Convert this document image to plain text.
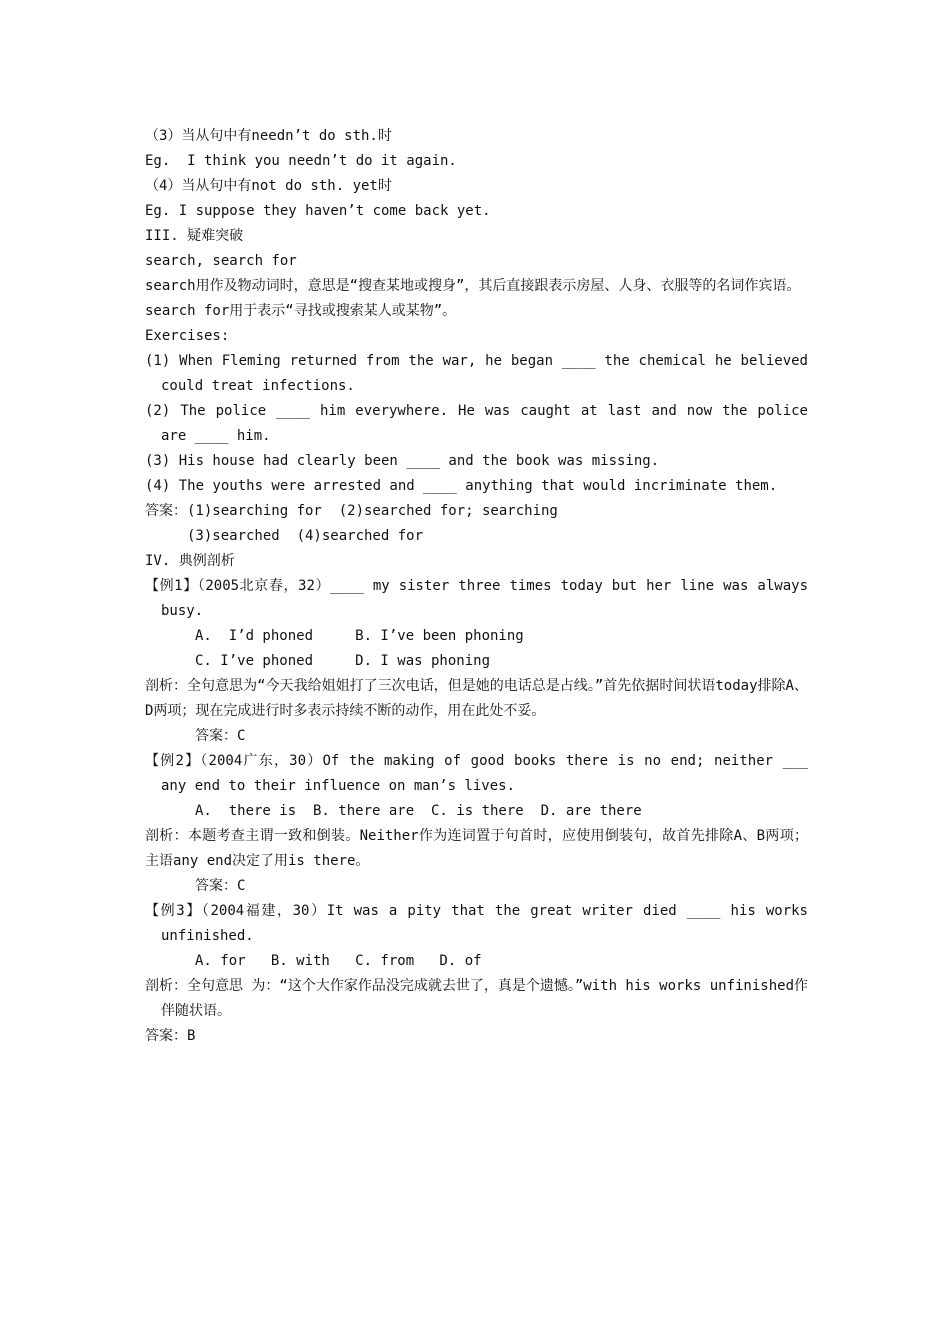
（3）当从句中有needn’t do sth.时

Eg.  I think you needn’t do it again.

（4）当从句中有not do sth. yet时

Eg. I suppose they haven’t come back yet.

III. 疑难突破

search, search for

search用作及物动词时，意思是“搜查某地或搜身”，其后直接跟表示房屋、人身、衣服等的名词作宾语。

search for用于表示“寻找或搜索某人或某物”。

Exercises:

(1) When Fleming returned from the war, he began ____ the chemical he believed could treat infections.

(2) The police ____ him everywhere. He was caught at last and now the police are ____ him.

(3) His house had clearly been ____ and the book was missing.

(4) The youths were arrested and ____ anything that would incriminate them.

答案：(1)searching for  (2)searched for; searching

(3)searched  (4)searched for

IV. 典例剖析

【例1】（2005北京春，32）____ my sister three times today but her line was always busy.

A.  I’d phoned     B. I’ve been phoning

C. I’ve phoned     D. I was phoning

剖析：全句意思为“今天我给姐姐打了三次电话，但是她的电话总是占线。”首先依据时间状语today排除A、D两项；现在完成进行时多表示持续不断的动作，用在此处不妥。

答案：C

【例2】（2004广东，30）Of the making of good books there is no end; neither ___ any end to their influence on man’s lives.

A.  there is  B. there are  C. is there  D. are there

剖析：本题考查主谓一致和倒装。Neither作为连词置于句首时，应使用倒装句，故首先排除A、B两项；主语any end决定了用is there。

答案：C

【例3】（2004福建，30）It was a pity that the great writer died ____ his works unfinished.

A. for   B. with   C. from   D. of

剖析：全句意思 为：“这个大作家作品没完成就去世了，真是个遗憾。”with his works unfinished作伴随状语。

答案：B
